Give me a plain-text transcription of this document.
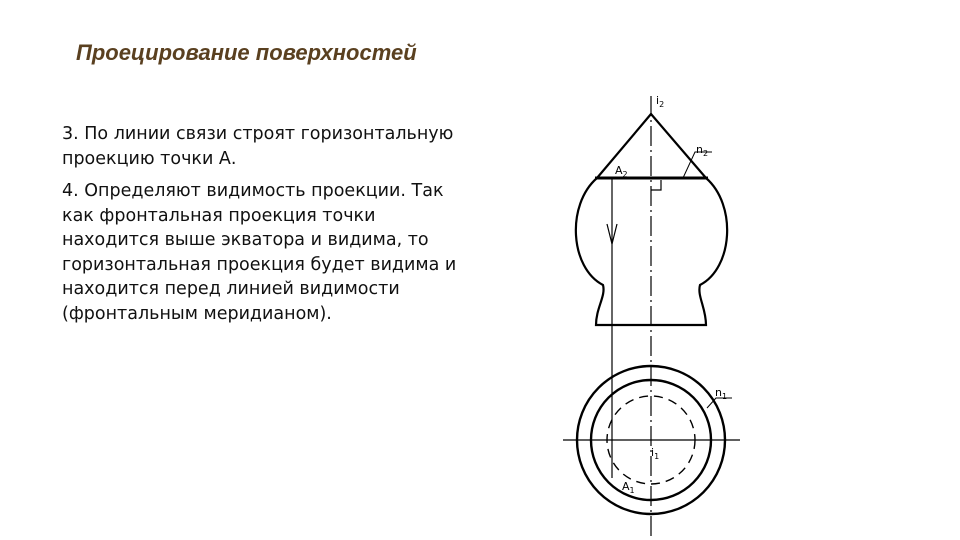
Проецирование поверхностей

3. По линии связи строят горизонтальную проекцию точки А.

4. Определяют видимость проекции. Так как фронтальная проекция точки находится выше экватора и видима, то горизонтальная проекция будет видима и находится перед линией видимости (фронтальным меридианом).

$i_2$
$n_2$
$A_2$
$n_1$
$i_1$
$A_1$
